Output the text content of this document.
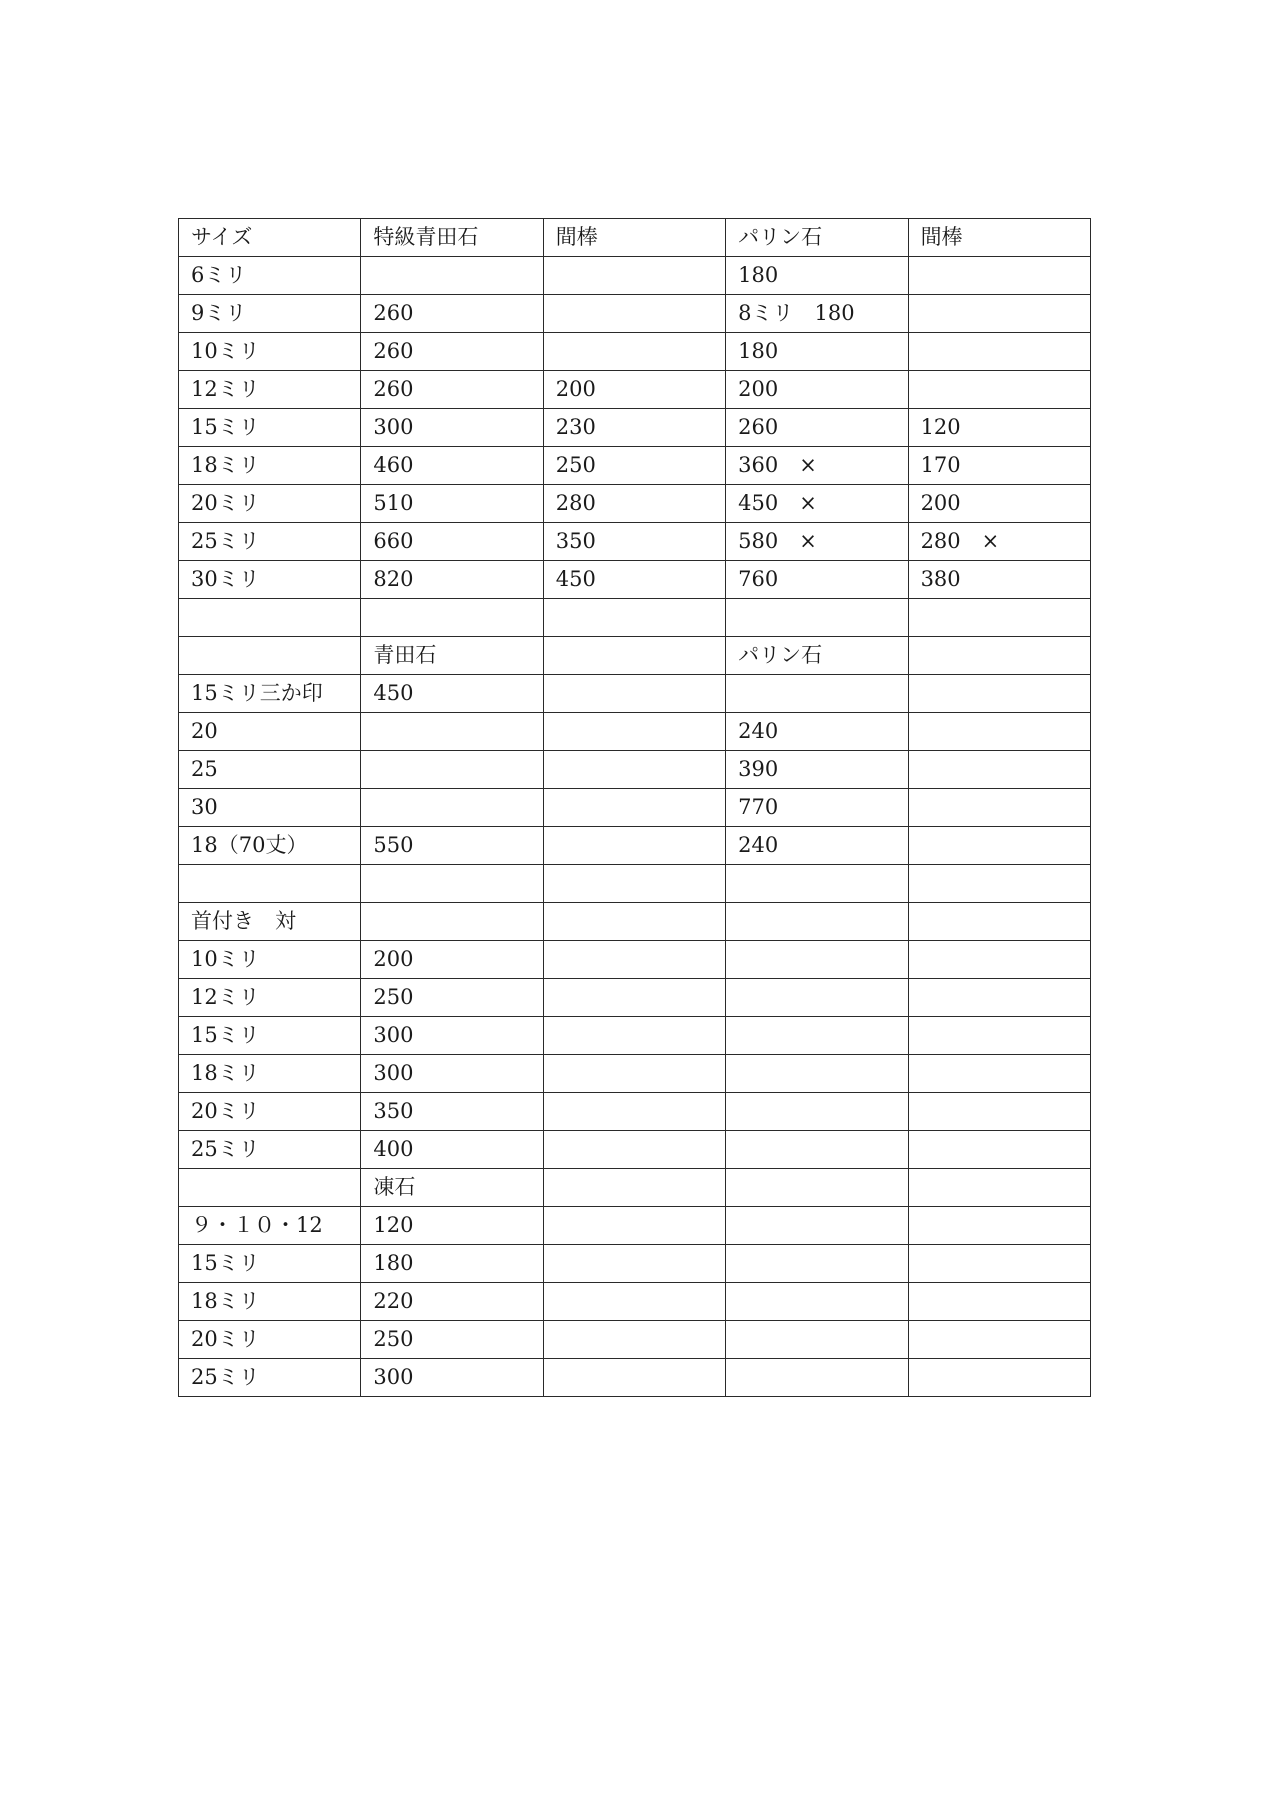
サイズ	特級青田石	間棒	パリン石	間棒
6ミリ			180	
9ミリ	260		8ミリ　180	
10ミリ	260		180	
12ミリ	260	200	200	
15ミリ	300	230	260	120
18ミリ	460	250	360　×	170
20ミリ	510	280	450　×	200
25ミリ	660	350	580　×	280　×
30ミリ	820	450	760	380

	青田石		パリン石	
15ミリ三か印	450			
20			240	
25			390	
30			770	
18（70丈）	550		240	

首付き　対				
10ミリ	200			
12ミリ	250			
15ミリ	300			
18ミリ	300			
20ミリ	350			
25ミリ	400			
	凍石			
９・１０・12	120			
15ミリ	180			
18ミリ	220			
20ミリ	250			
25ミリ	300			
